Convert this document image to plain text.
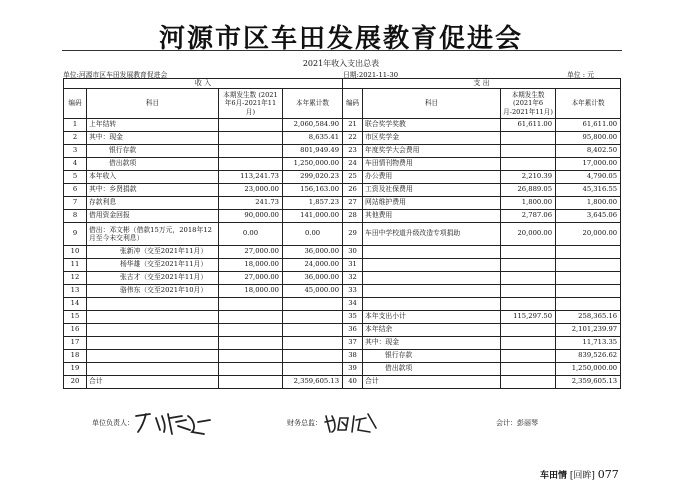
河源市区车田发展教育促进会
2021年收入支出总表
单位:河源市区车田发展教育促进会	日期:2021-11-30	单位 : 元
收 入				支 出			
编码	科目	本期发生数 (2021年6月-2021年11月)	本年累计数	编码	科目	本期发生数 (2021年6月-2021年11月)	本年累计数
1	上年结转		2,060,584.90	21	联合奖学奖教	61,611.00	61,611.00
2	其中：现金		8,635.41	22	市区奖学金		95,800.00
3	银行存款		801,949.49	23	年度奖学大会费用		8,402.50
4	借出款项		1,250,000.00	24	车田情刊物费用		17,000.00
5	本年收入	113,241.73	299,020.23	25	办公费用	2,210.39	4,790.05
6	其中：乡贤捐款	23,000.00	156,163.00	26	工资及社保费用	26,889.05	45,316.55
7	存款利息	241.73	1,857.23	27	网站维护费用	1,800.00	1,800.00
8	借用资金回报	90,000.00	141,000.00	28	其他费用	2,787.06	3,645.06
9	借出：邓文彬（借款15万元，2018年12月至今未交利息）	0.00	0.00	29	车田中学校道升级改造专项捐助	20,000.00	20,000.00
10	张新冲（交至2021年11月）	27,000.00	36,000.00	30			
11	杨华雄（交至2021年11月）	18,000.00	24,000.00	31			
12	张古才（交至2021年11月）	27,000.00	36,000.00	32			
13	骆伟东（交至2021年10月）	18,000.00	45,000.00	33			
14				34			
15				35	本年支出小计	115,297.50	258,365.16
16				36	本年结余		2,101,239.97
17				37	其中：现金		11,713.35
18				38	银行存款		839,526.62
19				39	借出款项		1,250,000.00
20	合计		2,359,605.13	40	合计		2,359,605.13
单位负责人：	财务总监：	会计：彭丽琴
车田情 [回眸] 077
